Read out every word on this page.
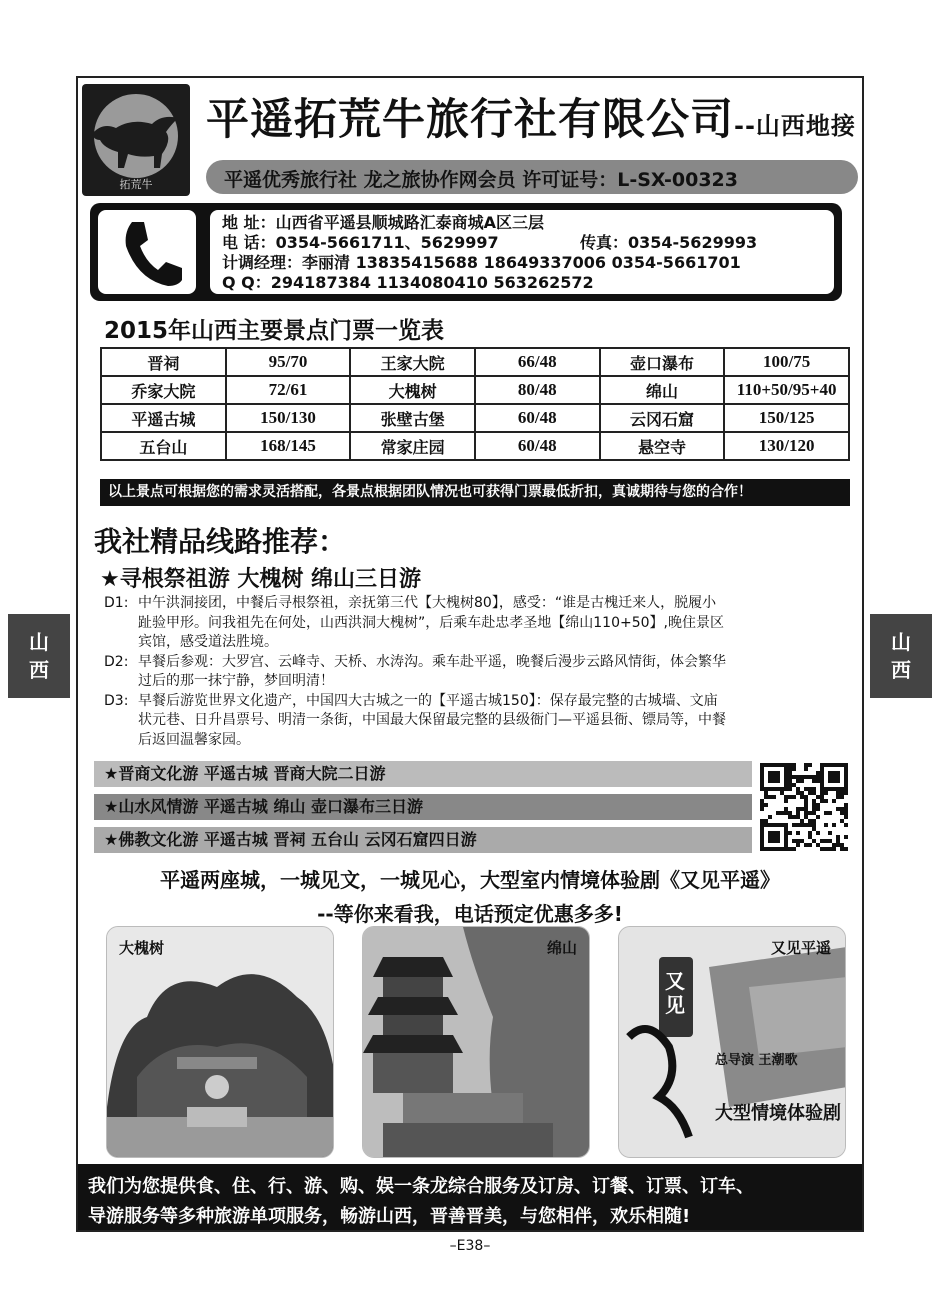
拓荒牛
平遥拓荒牛旅行社有限公司--山西地接
平遥优秀旅行社 龙之旅协作网会员 许可证号：L-SX-00323
地 址：山西省平遥县顺城路汇泰商城A区三层
电 话：0354-5661711、5629997	传真：0354-5629993
计调经理：李丽清 13835415688 18649337006 0354-5661701
Q Q：294187384 1134080410 563262572
2015年山西主要景点门票一览表
晋祠	95/70	王家大院	66/48	壶口瀑布	100/75
乔家大院	72/61	大槐树	80/48	绵山	110+50/95+40
平遥古城	150/130	张壁古堡	60/48	云冈石窟	150/125
五台山	168/145	常家庄园	60/48	悬空寺	130/120
以上景点可根据您的需求灵活搭配，各景点根据团队情况也可获得门票最低折扣，真诚期待与您的合作！
我社精品线路推荐：
★寻根祭祖游 大槐树 绵山三日游
D1: 中午洪洞接团，中餐后寻根祭祖，亲抚第三代【大槐树80】，感受：“谁是古槐迁来人，脱履小
趾验甲形。问我祖先在何处，山西洪洞大槐树”，后乘车赴忠孝圣地【绵山110+50】,晚住景区
宾馆，感受道法胜境。
D2: 早餐后参观：大罗宫、云峰寺、天桥、水涛沟。乘车赴平遥，晚餐后漫步云路风情街，体会繁华
过后的那一抹宁静，梦回明清！
D3: 早餐后游览世界文化遗产，中国四大古城之一的【平遥古城150】：保存最完整的古城墙、文庙
状元巷、日升昌票号、明清一条街，中国最大保留最完整的县级衙门—平遥县衙、镖局等，中餐
后返回温馨家园。
山
西
山
西
★晋商文化游 平遥古城 晋商大院二日游
★山水风情游 平遥古城 绵山 壶口瀑布三日游
★佛教文化游 平遥古城 晋祠 五台山 云冈石窟四日游
平遥两座城，一城见文，一城见心，大型室内情境体验剧《又见平遥》
--等你来看我，电话预定优惠多多!
大槐树	绵山	又见平遥
又见
总导演 王潮歌
大型情境体验剧
我们为您提供食、住、行、游、购、娱一条龙综合服务及订房、订餐、订票、订车、
导游服务等多种旅游单项服务，畅游山西，晋善晋美，与您相伴，欢乐相随!
–E38–
